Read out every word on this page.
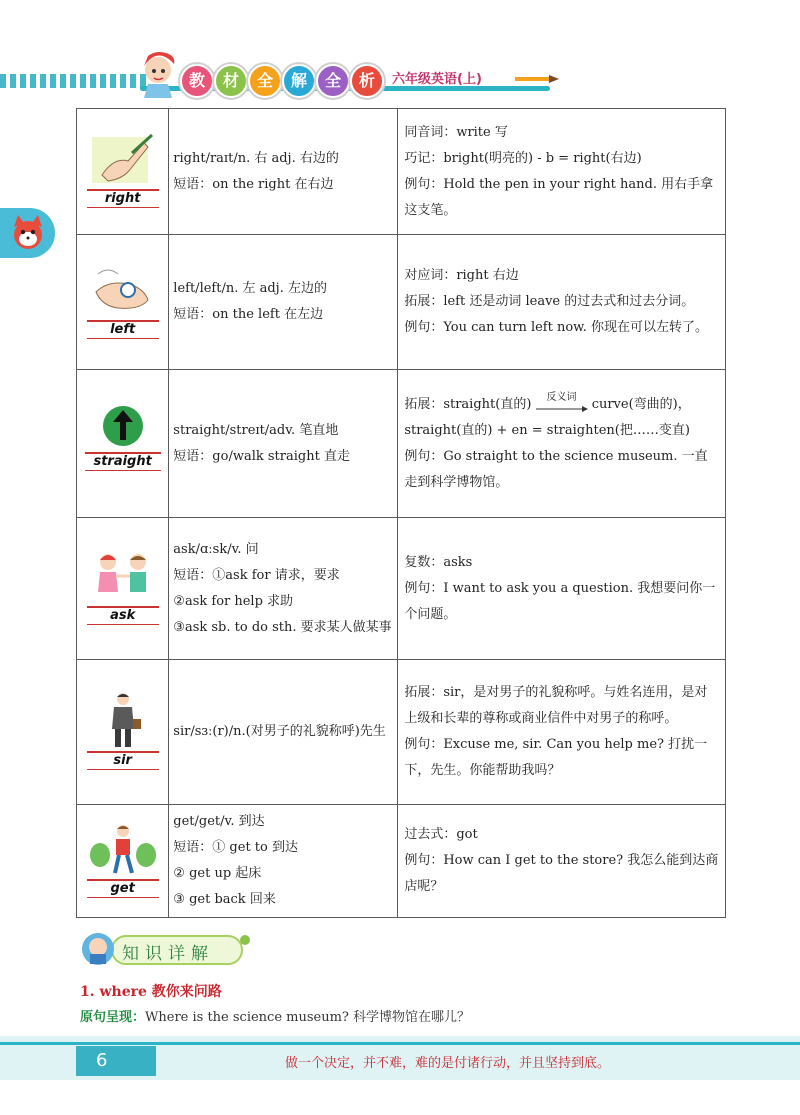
教	材	全	解	全	析	六年级英语(上)
right	right/raɪt/n. 右 adj. 右边的
短语：on the right 在右边	同音词：write 写
巧记：bright(明亮的) - b = right(右边)
例句：Hold the pen in your right hand. 用右手拿这支笔。

left	left/left/n. 左 adj. 左边的
短语：on the left 在左边	对应词：right 右边
拓展：left 还是动词 leave 的过去式和过去分词。
例句：You can turn left now. 你现在可以左转了。

straight	straight/streɪt/adv. 笔直地
短语：go/walk straight 直走	拓展：straight(直的) 反义词 curve(弯曲的)，straight(直的) + en = straighten(把……变直)
例句：Go straight to the science museum. 一直走到科学博物馆。

ask	ask/ɑːsk/v. 问
短语：①ask for 请求，要求
②ask for help 求助
③ask sb. to do sth. 要求某人做某事	复数：asks
例句：I want to ask you a question. 我想要问你一个问题。

sir	sir/sɜː(r)/n.(对男子的礼貌称呼)先生	拓展：sir，是对男子的礼貌称呼。与姓名连用，是对上级和长辈的尊称或商业信件中对男子的称呼。
例句：Excuse me, sir. Can you help me? 打扰一下，先生。你能帮助我吗？

get	get/get/v. 到达
短语：① get to 到达
② get up 起床
③ get back 回来	过去式：got
例句：How can I get to the store? 我怎么能到达商店呢？
知识详解
1. where 教你来问路
原句呈现：Where is the science museum? 科学博物馆在哪儿？
6	做一个决定，并不难，难的是付诸行动，并且坚持到底。
